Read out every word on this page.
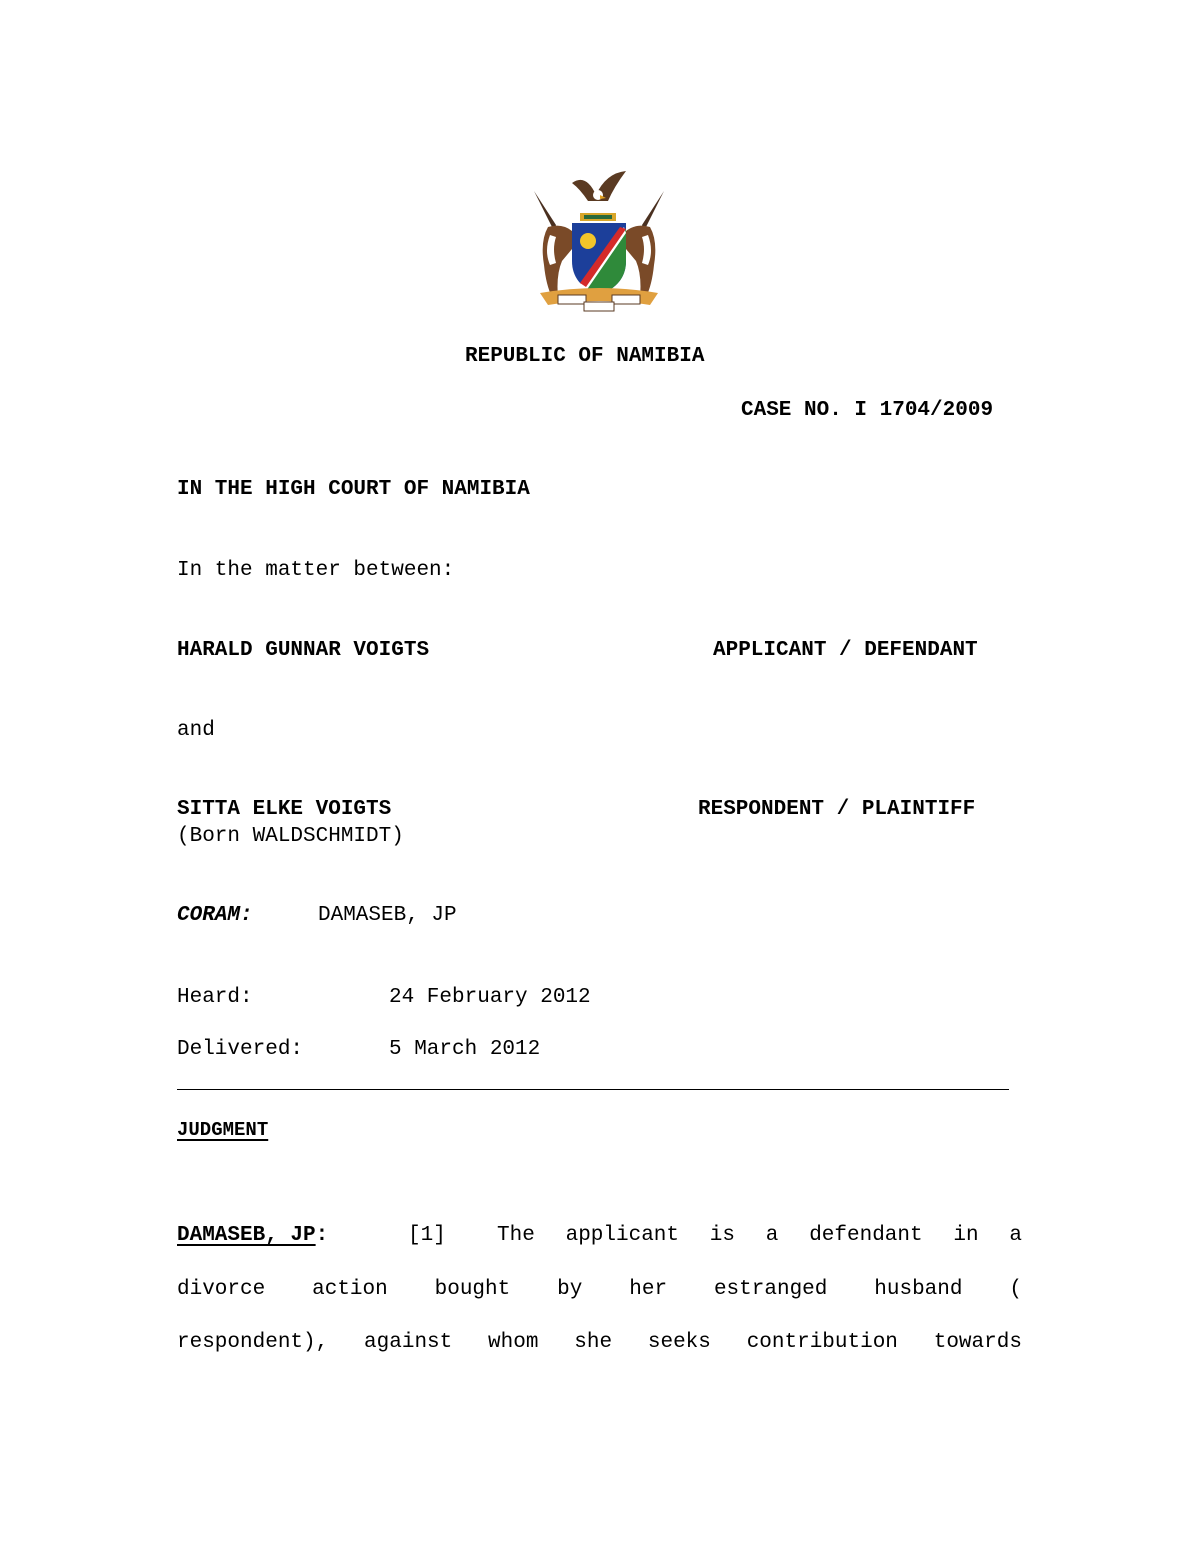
REPUBLIC OF NAMIBIA
CASE NO. I 1704/2009
IN THE HIGH COURT OF NAMIBIA
In the matter between:
HARALD GUNNAR VOIGTS	APPLICANT / DEFENDANT
and
SITTA ELKE VOIGTS	RESPONDENT / PLAINTIFF
(Born WALDSCHMIDT)
CORAM:	DAMASEB, JP
Heard:	24 February 2012
Delivered:	5 March 2012
JUDGMENT
DAMASEB, JP:	[1] The applicant is a defendant in a
divorce action bought by her estranged husband (
respondent), against whom she seeks contribution towards
